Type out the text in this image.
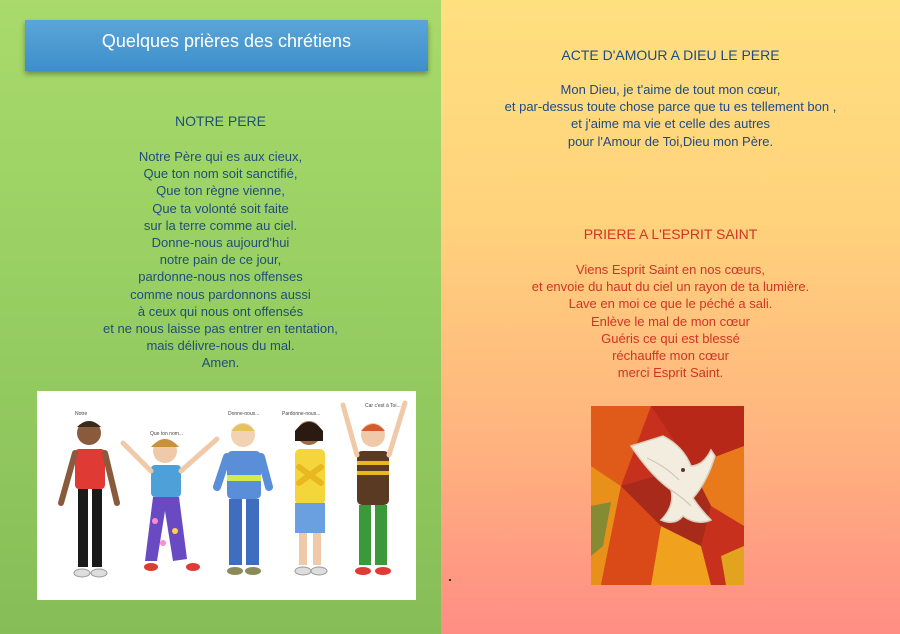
Quelques prières des chrétiens
NOTRE PERE
Notre Père qui es aux cieux,
Que ton nom soit sanctifié,
Que ton règne vienne,
Que ta volonté soit faite
sur la terre comme au ciel.
Donne-nous aujourd'hui
notre pain de ce jour,
pardonne-nous nos offenses
comme nous pardonnons aussi
à ceux qui nous ont offensés
et ne nous laisse pas entrer en tentation,
mais délivre-nous du mal.
Amen.
Notre
Que ton nom...
Donne-nous...	Pardonne-nous...
Car c'est à Toi...
ACTE D'AMOUR A DIEU LE PERE
Mon Dieu, je t'aime de tout mon cœur,
et par-dessus toute chose parce que tu es tellement bon ,
et j'aime ma vie et celle des autres
pour l'Amour de Toi,Dieu mon Père.
PRIERE A L'ESPRIT SAINT
Viens Esprit Saint en nos cœurs,
et envoie du haut du ciel un rayon de ta lumière.
Lave en moi ce que le péché a sali.
Enlève le mal de mon cœur
Guéris ce qui est blessé
réchauffe mon cœur
merci Esprit Saint.
